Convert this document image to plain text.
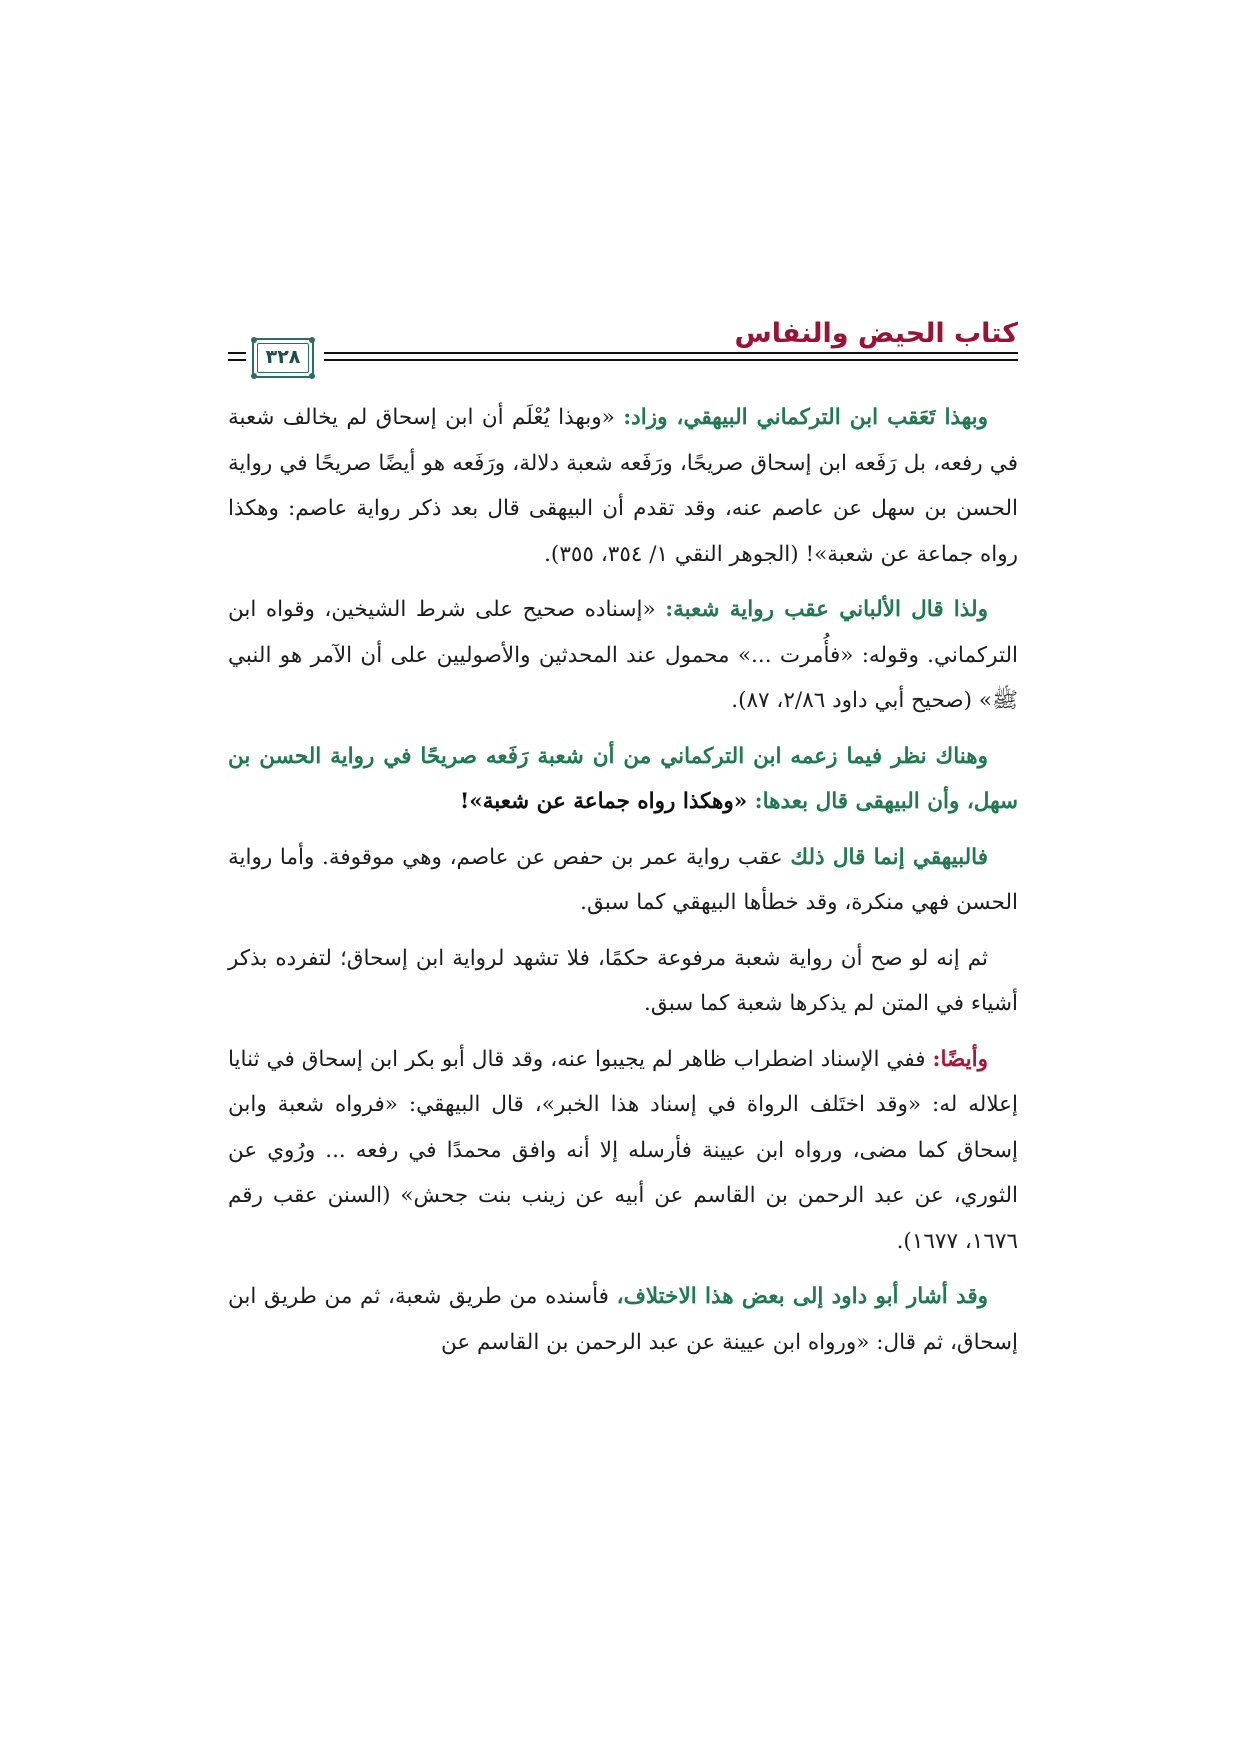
كتاب الحيض والنفاس
٣٢٨

وبهذا تَعَقب ابن التركماني البيهقي، وزاد: «وبهذا يُعْلَم أن ابن إسحاق لم يخالف شعبة في رفعه، بل رَفَعه ابن إسحاق صريحًا، ورَفَعه شعبة دلالة، ورَفَعه هو أيضًا صريحًا في رواية الحسن بن سهل عن عاصم عنه، وقد تقدم أن البيهقى قال بعد ذكر رواية عاصم: وهكذا رواه جماعة عن شعبة»! (الجوهر النقي ١/ ٣٥٤، ٣٥٥).

ولذا قال الألباني عقب رواية شعبة: «إسناده صحيح على شرط الشيخين، وقواه ابن التركماني. وقوله: «فأُمرت ...» محمول عند المحدثين والأصوليين على أن الآمر هو النبي ﷺ» (صحيح أبي داود ٢/٨٦، ٨٧).

وهناك نظر فيما زعمه ابن التركماني من أن شعبة رَفَعه صريحًا في رواية الحسن بن سهل، وأن البيهقى قال بعدها: «وهكذا رواه جماعة عن شعبة»!

فالبيهقي إنما قال ذلك عقب رواية عمر بن حفص عن عاصم، وهي موقوفة. وأما رواية الحسن فهي منكرة، وقد خطأها البيهقي كما سبق.

ثم إنه لو صح أن رواية شعبة مرفوعة حكمًا، فلا تشهد لرواية ابن إسحاق؛ لتفرده بذكر أشياء في المتن لم يذكرها شعبة كما سبق.

وأيضًا: ففي الإسناد اضطراب ظاهر لم يجيبوا عنه، وقد قال أبو بكر ابن إسحاق في ثنايا إعلاله له: «وقد اختَلف الرواة في إسناد هذا الخبر»، قال البيهقي: «فرواه شعبة وابن إسحاق كما مضى، ورواه ابن عيينة فأرسله إلا أنه وافق محمدًا في رفعه ... ورُوي عن الثوري، عن عبد الرحمن بن القاسم عن أبيه عن زينب بنت جحش» (السنن عقب رقم ١٦٧٦، ١٦٧٧).

وقد أشار أبو داود إلى بعض هذا الاختلاف، فأسنده من طريق شعبة، ثم من طريق ابن إسحاق، ثم قال: «ورواه ابن عيينة عن عبد الرحمن بن القاسم عن
